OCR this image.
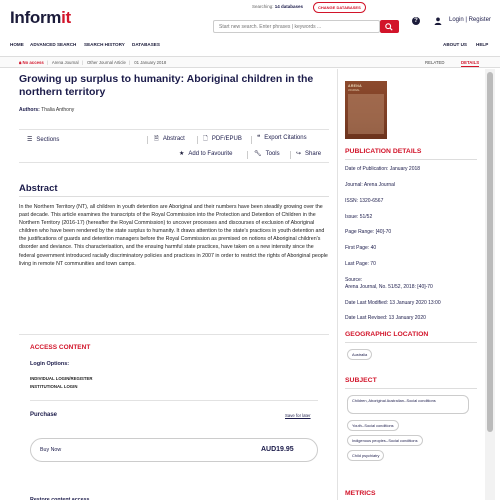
Informit
Searching: 14 databases	CHANGE DATABASES
Start new search. Enter phrases | keywords ...
?	Login | Register
HOME ADVANCED SEARCH SEARCH HISTORY DATABASES	ABOUT US HELP
🔒︎ No access | Arena Journal | Other Journal Article | 01 January 2018	RELATED	DETAILS
Growing up surplus to humanity: Aboriginal children in the northern territory
Authors: Thalia Anthony
☰ Sections	🗎︎ Abstract	🗋︎ PDF/EPUB	❝ Export Citations
★ Add to Favourite	🔧︎ Tools	↪ Share
Abstract
In the Northern Territory (NT), all children in youth detention are Aboriginal and their numbers have been steadily growing over the past decade. This article examines the transcripts of the Royal Commission into the Protection and Detention of Children in the Northern Territory (2016-17) (hereafter the Royal Commission) to uncover processes and discourses of exclusion of Aboriginal children who have been rendered by the state surplus to humanity. It draws attention to the state's practices in youth detention and the justifications of guards and detention managers before the Royal Commission as premised on notions of Aboriginal children's disorder and deviance. This characterisation, and the ensuing harmful state practices, have taken on a new intensity since the federal government introduced racially discriminatory policies and practices in 2007 in order to restrict the rights of Aboriginal people living in remote NT communities and town camps.
ACCESS CONTENT
Login Options:
INDIVIDUAL LOGIN/REGISTER
INSTITUTIONAL LOGIN
Purchase	Save for later
Buy Now	AUD19.95
Restore content access
ARENA
JOURNAL
PUBLICATION DETAILS
Date of Publication: January 2018
Journal: Arena Journal
ISSN: 1320-6567
Issue: 51/52
Page Range: [40]-70
First Page: 40
Last Page: 70
Source:
Arena Journal, No. 51/52, 2018: [40]-70
Date Last Modified: 13 January 2020 13:00
Date Last Revised: 13 January 2020
GEOGRAPHIC LOCATION
Australia
SUBJECT
Children, Aboriginal Australian--Social conditions
Youth--Social conditions
Indigenous peoples--Social conditions
Child psychiatry
METRICS
